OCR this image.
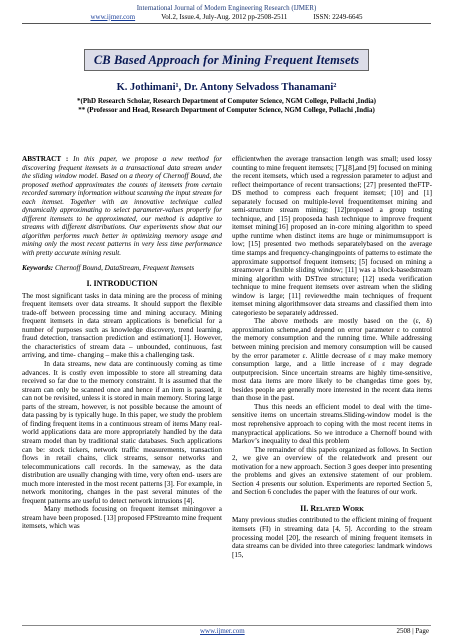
International Journal of Modern Engineering Research (IJMER)
www.ijmer.com	Vol.2, Issue.4, July-Aug. 2012 pp-2508-2511	ISSN: 2249-6645
CB Based Approach for Mining Frequent Itemsets
K. Jothimani¹, Dr. Antony Selvadoss Thanamani²
*(PhD Research Scholar, Research Department of Computer Science, NGM College, Pollachi ,India)
** (Professor and Head, Research Department of Computer Science, NGM College, Pollachi ,India)
ABSTRACT : In this paper, we propose a new method for discovering frequent itemsets in a transactional data stream under the sliding window model. Based on a theory of Chernoff Bound, the proposed method approximates the counts of itemsets from certain recorded summary information without scanning the input stream for each itemset. Together with an innovative technique called dynamically approximating to select parameter-values properly for different itemsets to be approximated, our method is adaptive to streams with different distributions. Our experiments show that our algorithm performs much better in optimizing memory usage and mining only the most recent patterns in very less time performance with pretty accurate mining result.
Keywords: Chernoff Bound, DataStream, Frequent Itemsets
I. INTRODUCTION

The most significant tasks in data mining are the process of mining frequent itemsets over data streams. It should support the flexible trade-off between processing time and mining accuracy. Mining frequent itemsets in data stream applications is beneficial for a number of purposes such as knowledge discovery, trend learning, fraud detection, transaction prediction and estimation[1]. However, the characteristics of stream data – unbounded, continuous, fast arriving, and time- changing – make this a challenging task.

In data streams, new data are continuously coming as time advances. It is costly even impossible to store all streaming data received so far due to the memory constraint. It is assumed that the stream can only be scanned once and hence if an item is passed, it can not be revisited, unless it is stored in main memory. Storing large parts of the stream, however, is not possible because the amount of data passing by is typically huge. In this paper, we study the problem of finding frequent items in a continuous stream of items Many real-world applications data are more appropriately handled by the data stream model than by traditional static databases. Such applications can be: stock tickers, network traffic measurements, transaction flows in retail chains, click streams, sensor networks and telecommunications call records. In the sameway, as the data distribution are usually changing with time, very often end- users are much more interested in the most recent patterns [3]. For example, in network monitoring, changes in the past several minutes of the frequent patterns are useful to detect network intrusions [4].

Many methods focusing on frequent itemset miningover a stream have been proposed. [13] proposed FPStreamto mine frequent itemsets, which was

efficientwhen the average transaction length was small; used lossy counting to mine frequent itemsets; [7],[8],and [9] focused on mining the recent itemsets, which used a regression parameter to adjust and reflect theimportance of recent transactions; [27] presented theFTP-DS method to compress each frequent itemset; [10] and [1] separately focused on multiple-level frequentitemset mining and semi-structure stream mining; [12]proposed a group testing technique, and [15] proposeda hash technique to improve frequent itemset mining[16] proposed an in-core mining algorithm to speed upthe runtime when distinct items are huge or minimumsupport is low; [15] presented two methods separatelybased on the average time stamps and frequency-changingpoints of patterns to estimate the approximate supportsof frequent itemsets; [5] focused on mining a streamover a flexible sliding window; [11] was a block-basedstream mining algorithm with DSTree structure; [12] useda verification technique to mine frequent itemsets over astream when the sliding window is large; [11] reviewedthe main techniques of frequent itemset mining algorithmsover data streams and classified them into categoriesto be separately addressed.

The above methods are mostly based on the (ε, δ) approximation scheme,and depend on error parameter ε to control the memory consumption and the running time. While addressing between mining precision and memory consumption will be caused by the error parameter ε. Alittle decrease of ε may make memory consumption large, and a little increase of ε may degrade outputprecision. Since uncertain streams are highly time-sensitive, most data items are more likely to be changedas time goes by, besides people are generally more interested in the recent data items than those in the past.

Thus this needs an efficient model to deal with the time-sensitive items on uncertain streams.Sliding-window model is the most reprehensive approach to coping with the most recent items in manypractical applications. So we introduce a Chernoff bound with Markov’s inequality to deal this problem

The remainder of this papeis organized as follows. In Section 2, we give an overview of the relatedwork and present our motivation for a new approach. Section 3 goes deeper into presenting the problems and gives an extensive statement of our problem. Section 4 presents our solution. Experiments are reported Section 5, and Section 6 concludes the paper with the features of our work.

II. Related Work

Many previous studies contributed to the efficient mining of frequent itemsets (FI) in streaming data [4, 5]. According to the stream processing model [20], the research of mining frequent itemsets in data streams can be divided into three categories: landmark windows [15,

www.ijmer.com	2508 | Page
